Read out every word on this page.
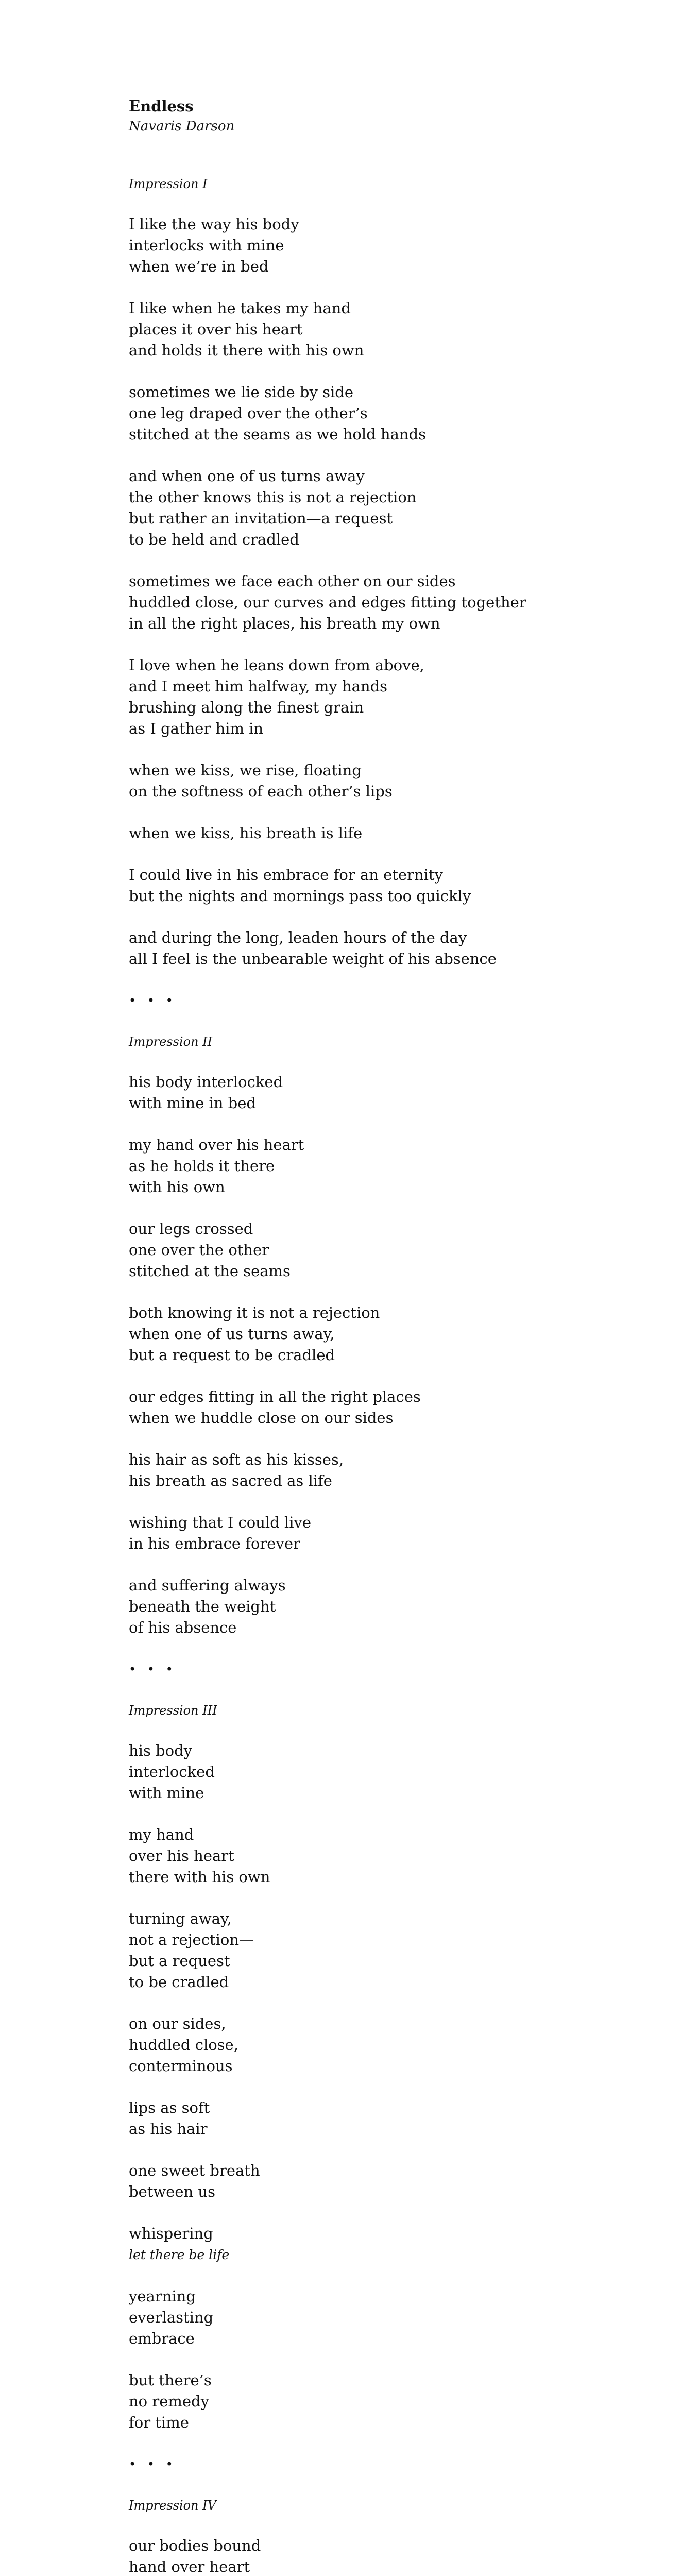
Endless

Navaris Darson

Impression I

I like the way his body
interlocks with mine
when we’re in bed
I like when he takes my hand
places it over his heart
and holds it there with his own
sometimes we lie side by side
one leg draped over the other’s
stitched at the seams as we hold hands
and when one of us turns away
the other knows this is not a rejection
but rather an invitation—a request
to be held and cradled
sometimes we face each other on our sides
huddled close, our curves and edges fitting together
in all the right places, his breath my own
I love when he leans down from above,
and I meet him halfway, my hands
brushing along the finest grain
as I gather him in
when we kiss, we rise, floating
on the softness of each other’s lips
when we kiss, his breath is life
I could live in his embrace for an eternity
but the nights and mornings pass too quickly
and during the long, leaden hours of the day
all I feel is the unbearable weight of his absence

• • •

Impression II

his body interlocked
with mine in bed
my hand over his heart
as he holds it there
with his own
our legs crossed
one over the other
stitched at the seams
both knowing it is not a rejection
when one of us turns away,
but a request to be cradled
our edges fitting in all the right places
when we huddle close on our sides
his hair as soft as his kisses,
his breath as sacred as life
wishing that I could live
in his embrace forever
and suffering always
beneath the weight
of his absence

• • •

Impression III

his body
interlocked
with mine
my hand
over his heart
there with his own
turning away,
not a rejection—
but a request
to be cradled
on our sides,
huddled close,
conterminous
lips as soft
as his hair
one sweet breath
between us
whispering
let there be life
yearning
everlasting
embrace
but there’s
no remedy
for time

• • •

Impression IV

our bodies bound
hand over heart
